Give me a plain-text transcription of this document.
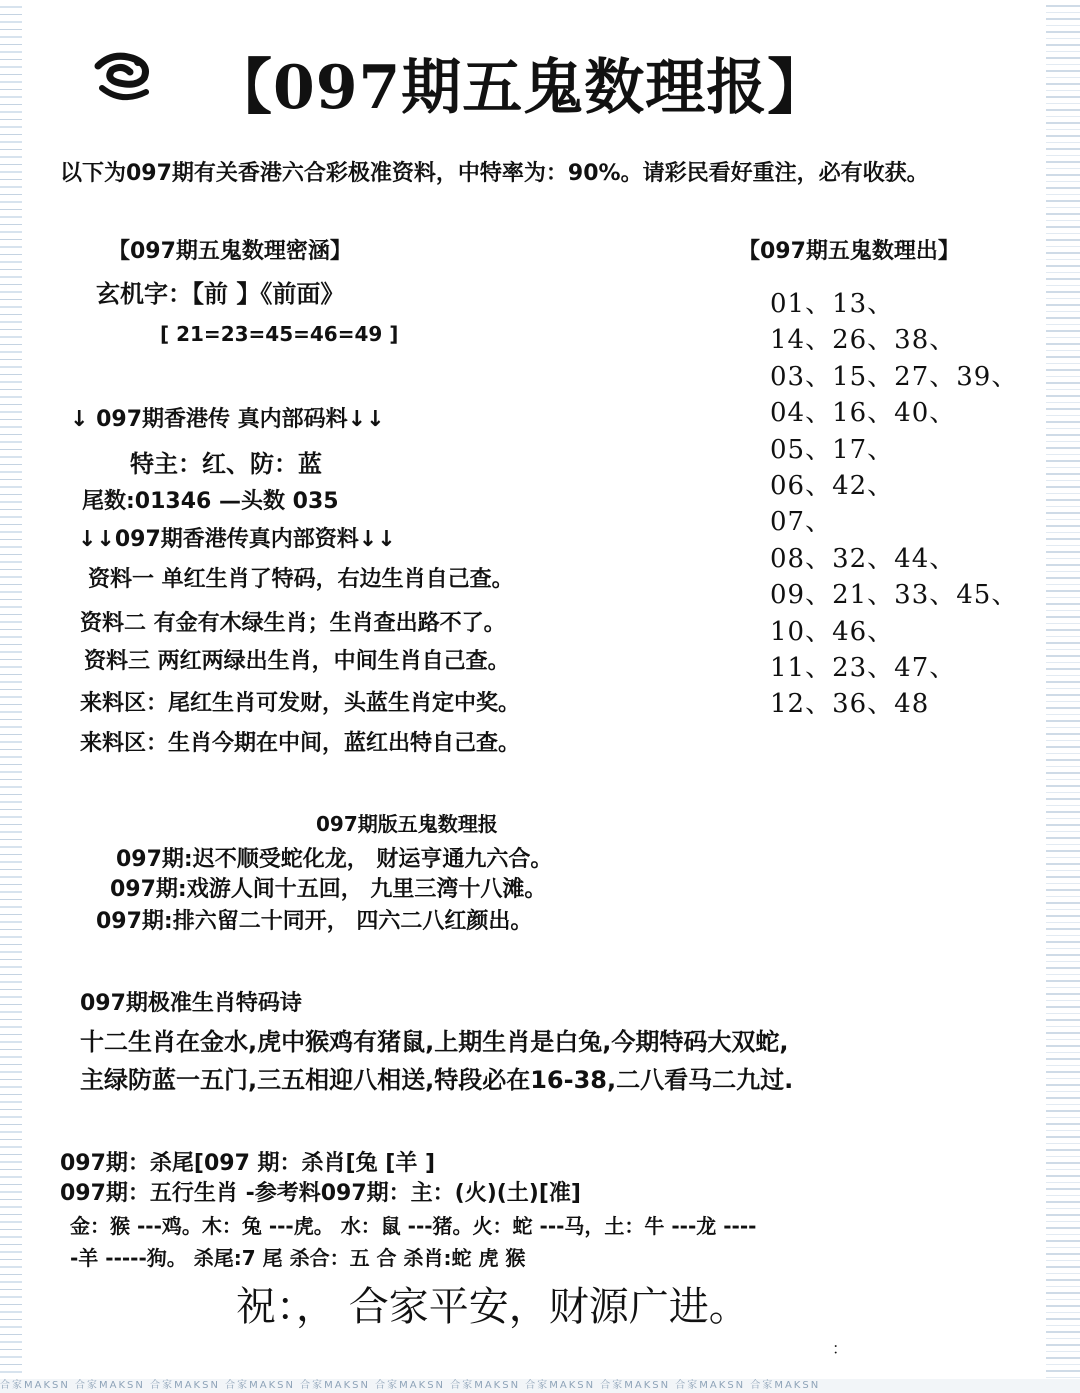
【097期五鬼数理报】
以下为097期有关香港六合彩极准资料，中特率为：90%。请彩民看好重注，必有收获。
【097期五鬼数理密涵】
玄机字：【前 】《前面》
[ 21=23=45=46=49 ]
↓ 097期香港传 真内部码料↓↓
特主：红、防：蓝
尾数:01346 —头数 035
↓↓097期香港传真内部资料↓↓
资料一 单红生肖了特码，右边生肖自己查。
资料二 有金有木绿生肖；生肖查出路不了。
资料三 两红两绿出生肖，中间生肖自己查。
来料区：尾红生肖可发财，头蓝生肖定中奖。
来料区：生肖今期在中间，蓝红出特自己查。
【097期五鬼数理出】
01、13、
14、26、38、
03、15、27、39、
04、16、40、
05、17、
06、42、
07、
08、32、44、
09、21、33、45、
10、46、
11、23、47、
12、36、48
097期版五鬼数理报
097期:迟不顺受蛇化龙， 财运亨通九六合。
097期:戏游人间十五回， 九里三湾十八滩。
097期:排六留二十同开， 四六二八红颜出。
097期极准生肖特码诗
十二生肖在金水,虎中猴鸡有猪鼠,上期生肖是白兔,今期特码大双蛇,
主绿防蓝一五门,三五相迎八相送,特段必在16-38,二八看马二九过.
097期：杀尾[097 期：杀肖[兔 [羊 ]
097期：五行生肖 -参考料097期：主：(火)(土)[准]
金：猴 ---鸡。木：兔 ---虎。 水：鼠 ---猪。火：蛇 ---马，土：牛 ---龙 ----
-羊 -----狗。 杀尾:7 尾 杀合：五 合 杀肖:蛇 虎 猴
祝：， 合家平安，财源广进。
：
合家MAKSN 合家MAKSN 合家MAKSN 合家MAKSN 合家MAKSN 合家MAKSN 合家MAKSN 合家MAKSN 合家MAKSN 合家MAKSN 合家MAKSN
